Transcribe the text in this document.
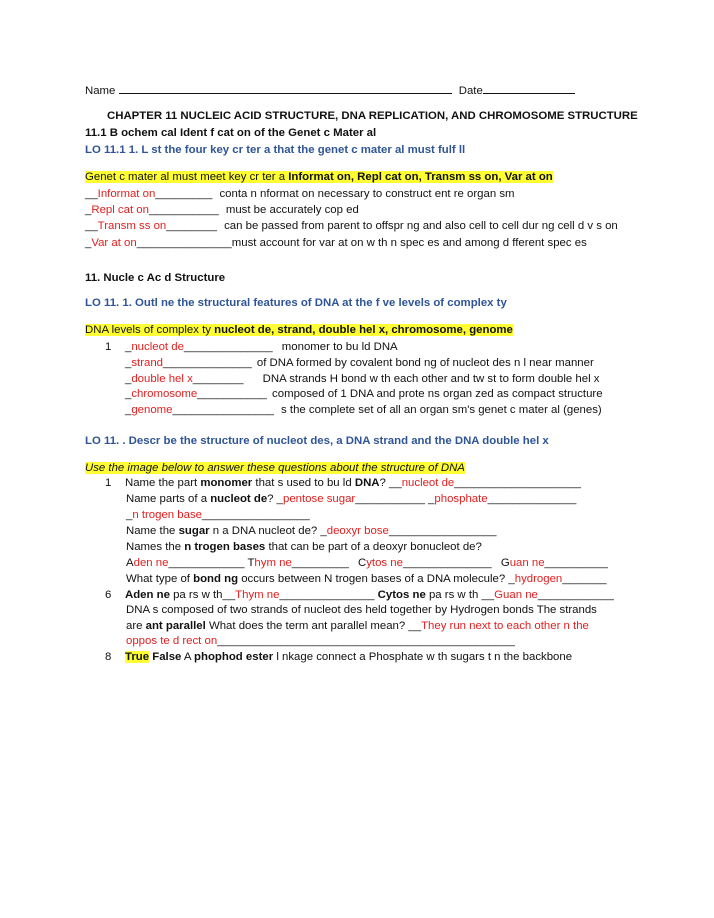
Name	Date
CHAPTER 11 NUCLEIC ACID STRUCTURE, DNA REPLICATION, AND CHROMOSOME STRUCTURE
11.1 B ochem cal Ident f cat on of the Genet c Mater al
LO 11.1 1. L st the four key cr ter a that the genet c mater al must fulf ll
Genet c mater al must meet key cr ter a Informat on, Repl cat on, Transm ss on, Var at on
__Informat on_________ conta n nformat on necessary to construct ent re organ sm
_Repl cat on___________ must be accurately cop ed
__Transm ss on________ can be passed from parent to offspr ng and also cell to cell dur ng cell d v s on
_Var at on_______________must account for var at on w th n spec es and among d fferent spec es
11. Nucle c Ac d Structure
LO 11. 1. Outl ne the structural features of DNA at the f ve levels of complex ty
DNA levels of complex ty nucleot de, strand, double hel x, chromosome, genome
1 _nucleot de______________ monomer to bu ld DNA
_strand______________ of DNA formed by covalent bond ng of nucleot des n l near manner
_double hel x________ DNA strands H bond w th each other and tw st to form double hel x
_chromosome___________ composed of 1 DNA and prote ns organ zed as compact structure
_genome________________ s the complete set of all an organ sm's genet c mater al (genes)
LO 11. . Descr be the structure of nucleot des, a DNA strand and the DNA double hel x
Use the image below to answer these questions about the structure of DNA
1 Name the part monomer that s used to bu ld DNA? __nucleot de____________________
Name parts of a nucleot de? _pentose sugar___________ _phosphate______________
_n trogen base_________________
Name the sugar n a DNA nucleot de? _deoxyr bose_________________
Names the n trogen bases that can be part of a deoxyr bonucleot de?
Aden ne____________ Thym ne_________ Cytos ne______________ Guan ne__________
What type of bond ng occurs between N trogen bases of a DNA molecule? _hydrogen_______
6 Aden ne pa rs w th__Thym ne_______________ Cytos ne pa rs w th __Guan ne____________
DNA s composed of two strands of nucleot des held together by Hydrogen bonds The strands
are ant parallel What does the term ant parallel mean? __They run next to each other n the
oppos te d rect on_______________________________________________
8 True False A phophod ester l nkage connect a Phosphate w th sugars t n the backbone
